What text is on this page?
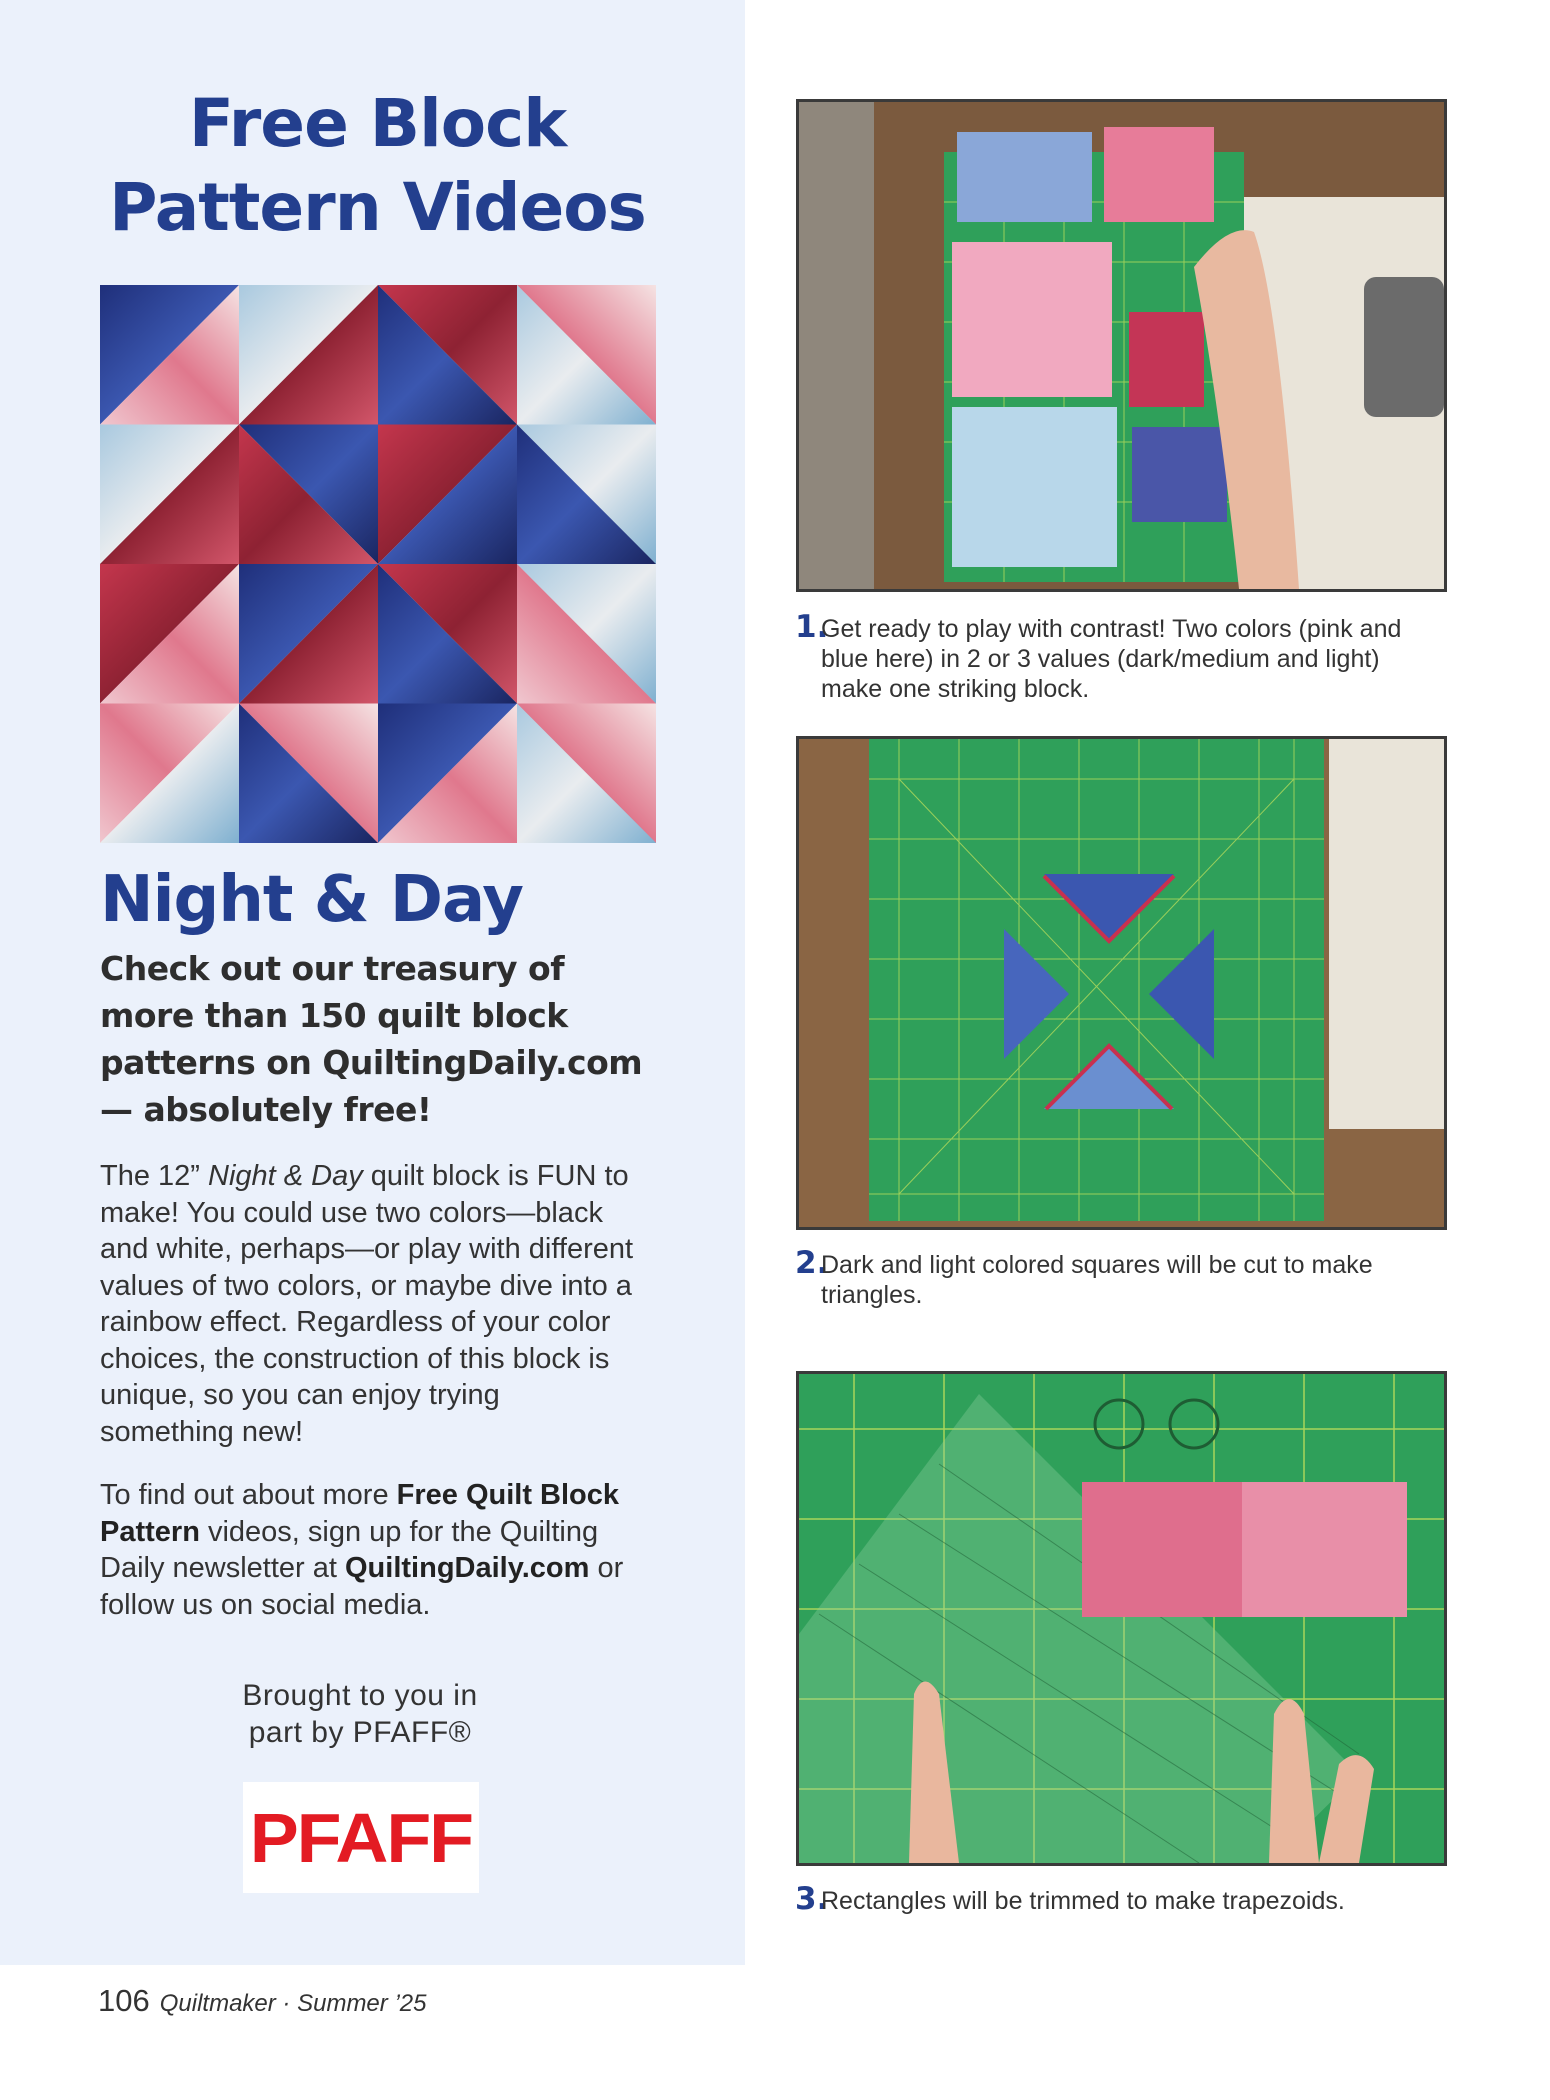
Free Block
Pattern Videos
Night & Day
Check out our treasury of more than 150 quilt block patterns on QuiltingDaily.com— absolutely free!
The 12” Night & Day quilt block is FUN to make! You could use two colors—black and white, perhaps—or play with different values of two colors, or maybe dive into a rainbow effect. Regardless of your color choices, the construction of this block is unique, so you can enjoy trying something new!
To find out about more Free Quilt Block Pattern videos, sign up for the Quilting Daily newsletter at QuiltingDaily.com or follow us on social media.
Brought to you in
part by PFAFF®
PFAFF
106 Quiltmaker · Summer ’25
1.
Get ready to play with contrast! Two colors (pink and blue here) in 2 or 3 values (dark/medium and light) make one striking block.
2.
Dark and light colored squares will be cut to make triangles.
3.
Rectangles will be trimmed to make trapezoids.
